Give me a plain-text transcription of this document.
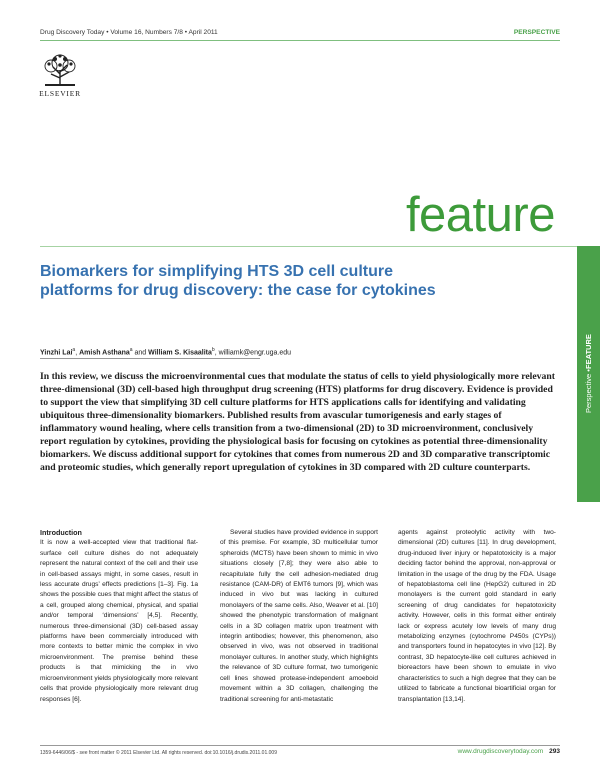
Drug Discovery Today • Volume 16, Numbers 7/8 • April 2011	PERSPECTIVE
ELSEVIER
feature
Perspective •
FEATURE
Biomarkers for simplifying HTS 3D cell culture platforms for drug discovery: the case for cytokines
Yinzhi Lai$^a$, Amish Asthana$^a$ and William S. Kisaalita$^b$, williamk@engr.uga.edu
In this review, we discuss the microenvironmental cues that modulate the status of cells to yield physiologically more relevant three-dimensional (3D) cell-based high throughput drug screening (HTS) platforms for drug discovery. Evidence is provided to support the view that simplifying 3D cell culture platforms for HTS applications calls for identifying and validating ubiquitous three-dimensionality biomarkers. Published results from avascular tumorigenesis and early stages of inflammatory wound healing, where cells transition from a two-dimensional (2D) to 3D microenvironment, conclusively report regulation by cytokines, providing the physiological basis for focusing on cytokines as potential three-dimensionality biomarkers. We discuss additional support for cytokines that comes from numerous 2D and 3D comparative transcriptomic and proteomic studies, which generally report upregulation of cytokines in 3D compared with 2D culture counterparts.
Introduction

It is now a well-accepted view that traditional flat-surface cell culture dishes do not adequately represent the natural context of the cell and their use in cell-based assays might, in some cases, result in less accurate drugs’ effects predictions [1–3]. Fig. 1a shows the possible cues that might affect the status of a cell, grouped along chemical, physical, and spatial and/or temporal ‘dimensions’ [4,5]. Recently, numerous three-dimensional (3D) cell-based assay platforms have been commercially introduced with more contexts to better mimic the complex in vivo microenvironment. The premise behind these products is that mimicking the in vivo microenvironment yields physiologically more relevant cells that provide physiologically more relevant drug responses [6].

Several studies have provided evidence in support of this premise. For example, 3D multicellular tumor spheroids (MCTS) have been shown to mimic in vivo situations closely [7,8]; they were also able to recapitulate fully the cell adhesion-mediated drug resistance (CAM-DR) of EMT6 tumors [9], which was induced in vivo but was lacking in cultured monolayers of the same cells. Also, Weaver et al. [10] showed the phenotypic transformation of malignant cells in a 3D collagen matrix upon treatment with integrin antibodies; however, this phenomenon, also observed in vivo, was not observed in traditional monolayer cultures. In another study, which highlights the relevance of 3D culture format, two tumorigenic cell lines showed protease-independent amoeboid movement within a 3D collagen, challenging the traditional screening for anti-metastatic

agents against proteolytic activity with two-dimensional (2D) cultures [11]. In drug development, drug-induced liver injury or hepatotoxicity is a major deciding factor behind the approval, non-approval or limitation in the usage of the drug by the FDA. Usage of hepatoblastoma cell line (HepG2) cultured in 2D monolayers is the current gold standard in early screening of drug candidates for hepatotoxicity activity. However, cells in this format either entirely lack or express acutely low levels of many drug metabolizing enzymes (cytochrome P450s (CYPs)) and transporters found in hepatocytes in vivo [12]. By contrast, 3D hepatocyte-like cell cultures achieved in bioreactors have been shown to emulate in vivo characteristics to such a high degree that they can be utilized to fabricate a functional bioartificial organ for transplantation [13,14].

1359-6446/06/$ - see front matter © 2011 Elsevier Ltd. All rights reserved. doi:10.1016/j.drudis.2011.01.009	www.drugdiscoverytoday.com 293
